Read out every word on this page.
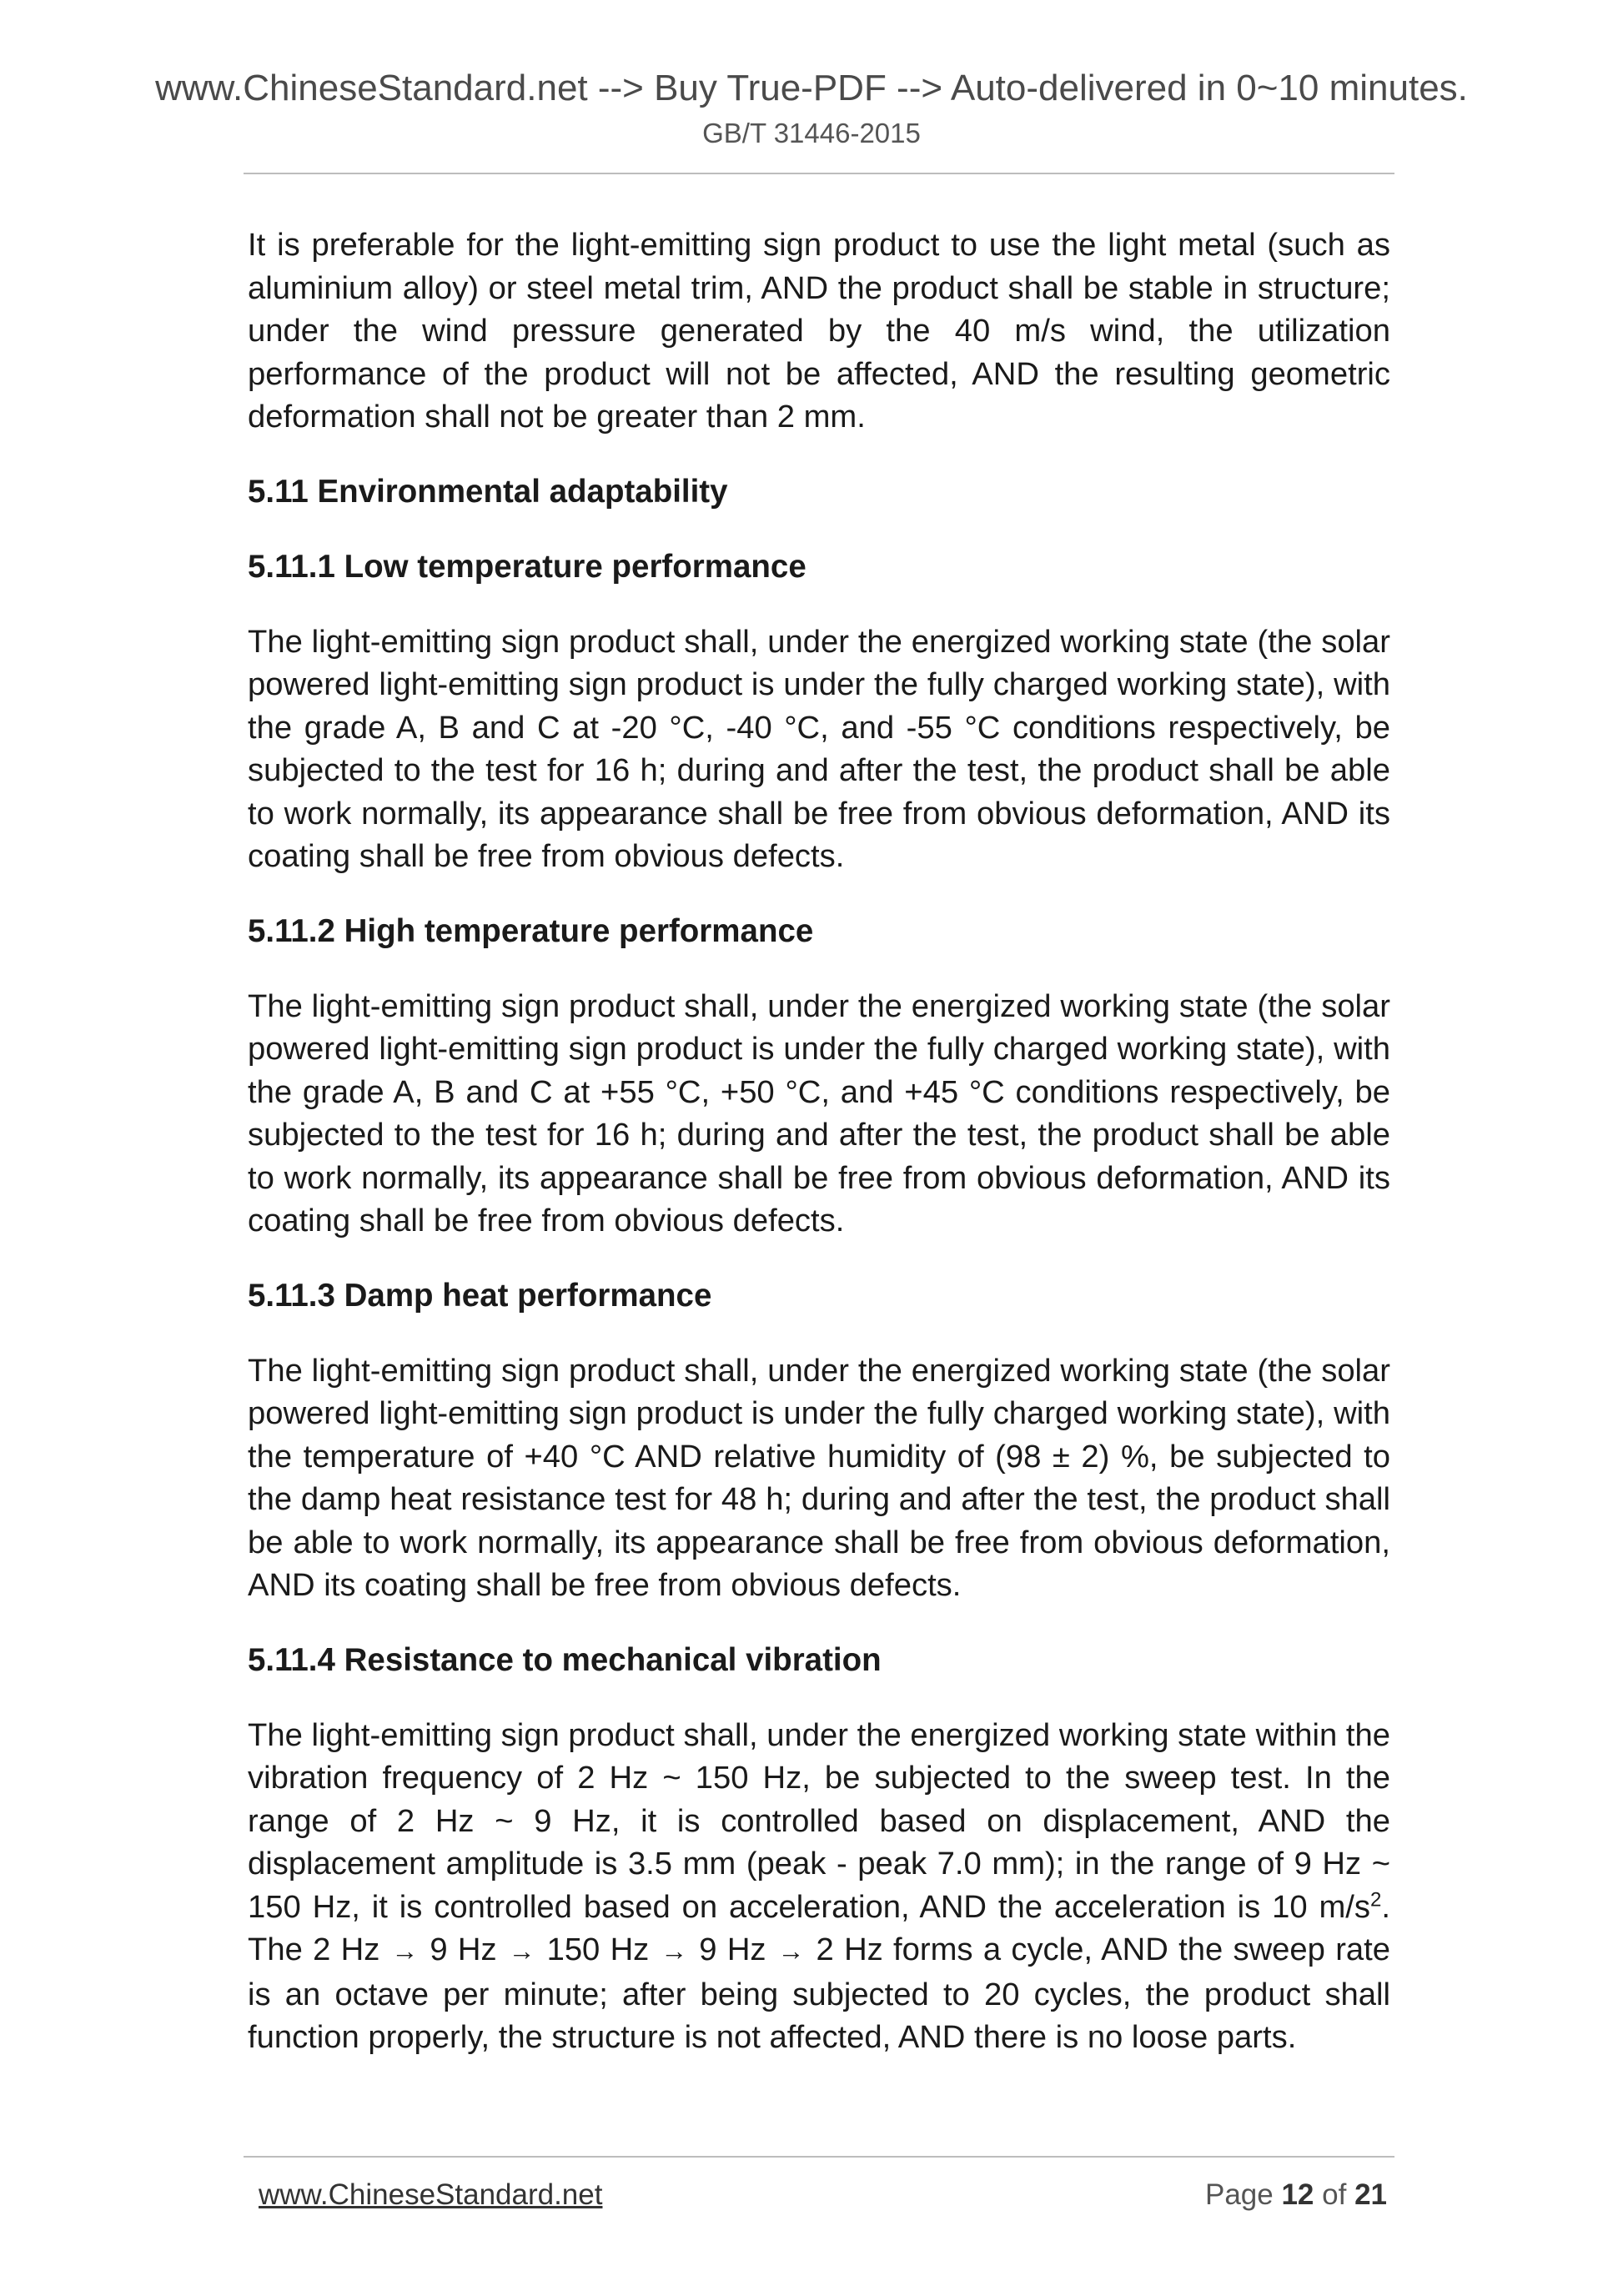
www.ChineseStandard.net --> Buy True-PDF --> Auto-delivered in 0~10 minutes.
GB/T 31446-2015

It is preferable for the light-emitting sign product to use the light metal (such as aluminium alloy) or steel metal trim, AND the product shall be stable in structure; under the wind pressure generated by the 40 m/s wind, the utilization performance of the product will not be affected, AND the resulting geometric deformation shall not be greater than 2 mm.

5.11 Environmental adaptability
5.11.1 Low temperature performance

The light-emitting sign product shall, under the energized working state (the solar powered light-emitting sign product is under the fully charged working state), with the grade A, B and C at -20 °C, -40 °C, and -55 °C conditions respectively, be subjected to the test for 16 h; during and after the test, the product shall be able to work normally, its appearance shall be free from obvious deformation, AND its coating shall be free from obvious defects.

5.11.2 High temperature performance

The light-emitting sign product shall, under the energized working state (the solar powered light-emitting sign product is under the fully charged working state), with the grade A, B and C at +55 °C, +50 °C, and +45 °C conditions respectively, be subjected to the test for 16 h; during and after the test, the product shall be able to work normally, its appearance shall be free from obvious deformation, AND its coating shall be free from obvious defects.

5.11.3 Damp heat performance

The light-emitting sign product shall, under the energized working state (the solar powered light-emitting sign product is under the fully charged working state), with the temperature of +40 °C AND relative humidity of (98 ± 2) %, be subjected to the damp heat resistance test for 48 h; during and after the test, the product shall be able to work normally, its appearance shall be free from obvious deformation, AND its coating shall be free from obvious defects.

5.11.4 Resistance to mechanical vibration

The light-emitting sign product shall, under the energized working state within the vibration frequency of 2 Hz ~ 150 Hz, be subjected to the sweep test. In the range of 2 Hz ~ 9 Hz, it is controlled based on displacement, AND the displacement amplitude is 3.5 mm (peak - peak 7.0 mm); in the range of 9 Hz ~ 150 Hz, it is controlled based on acceleration, AND the acceleration is 10 $m/s^2$. The 2 Hz → 9 Hz → 150 Hz → 9 Hz → 2 Hz forms a cycle, AND the sweep rate is an octave per minute; after being subjected to 20 cycles, the product shall function properly, the structure is not affected, AND there is no loose parts.

www.ChineseStandard.net	Page 12 of 21
